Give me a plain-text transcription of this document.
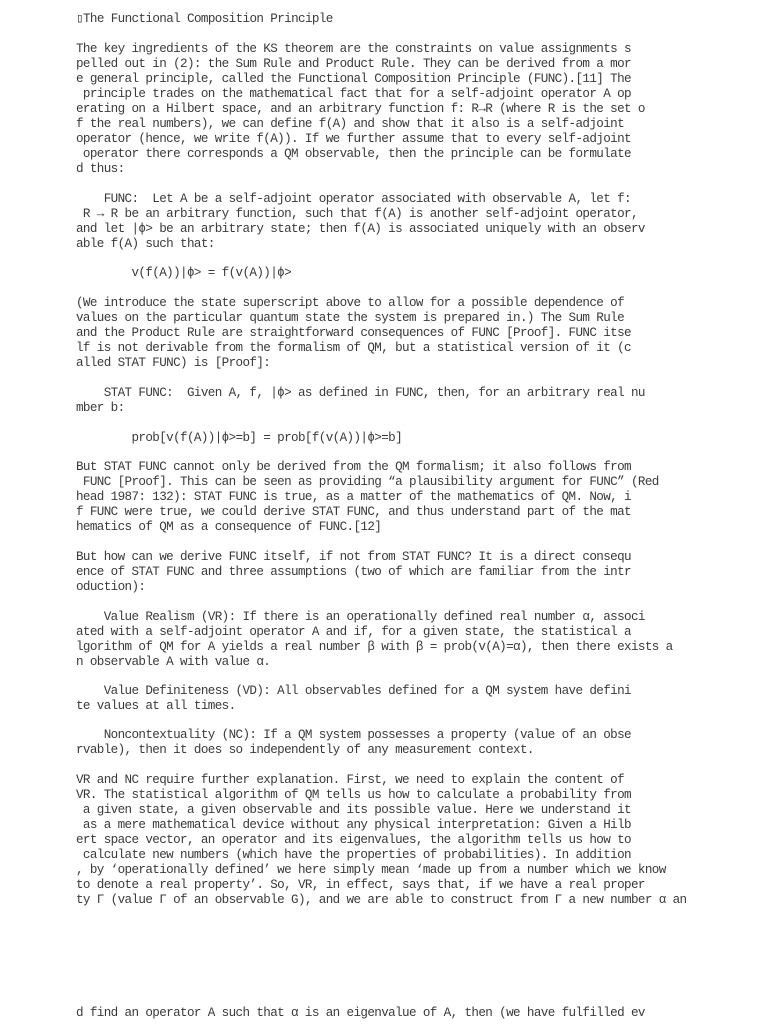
▯The Functional Composition Principle
The key ingredients of the KS theorem are the constraints on value assignments s
pelled out in (2): the Sum Rule and Product Rule. They can be derived from a mor
e general principle, called the Functional Composition Principle (FUNC).[11] The
principle trades on the mathematical fact that for a self-adjoint operator A op
erating on a Hilbert space, and an arbitrary function f: R→R (where R is the set o
f the real numbers), we can define f(A) and show that it also is a self-adjoint
operator (hence, we write f(A)). If we further assume that to every self-adjoint
operator there corresponds a QM observable, then the principle can be formulate
d thus:
FUNC:  Let A be a self-adjoint operator associated with observable A, let f:
R → R be an arbitrary function, such that f(A) is another self-adjoint operator,
and let |ϕ> be an arbitrary state; then f(A) is associated uniquely with an observ
able f(A) such that:
v(f(A))|ϕ> = f(v(A))|ϕ>
(We introduce the state superscript above to allow for a possible dependence of
values on the particular quantum state the system is prepared in.) The Sum Rule
and the Product Rule are straightforward consequences of FUNC [Proof]. FUNC itse
lf is not derivable from the formalism of QM, but a statistical version of it (c
alled STAT FUNC) is [Proof]:
STAT FUNC:  Given A, f, |ϕ> as defined in FUNC, then, for an arbitrary real nu
mber b:
prob[v(f(A))|ϕ>=b] = prob[f(v(A))|ϕ>=b]
But STAT FUNC cannot only be derived from the QM formalism; it also follows from
FUNC [Proof]. This can be seen as providing “a plausibility argument for FUNC” (Red
head 1987: 132): STAT FUNC is true, as a matter of the mathematics of QM. Now, i
f FUNC were true, we could derive STAT FUNC, and thus understand part of the mat
hematics of QM as a consequence of FUNC.[12]
But how can we derive FUNC itself, if not from STAT FUNC? It is a direct consequ
ence of STAT FUNC and three assumptions (two of which are familiar from the intr
oduction):
Value Realism (VR): If there is an operationally defined real number α, associ
ated with a self-adjoint operator A and if, for a given state, the statistical a
lgorithm of QM for A yields a real number β with β = prob(v(A)=α), then there exists a
n observable A with value α.
Value Definiteness (VD): All observables defined for a QM system have defini
te values at all times.
Noncontextuality (NC): If a QM system possesses a property (value of an obse
rvable), then it does so independently of any measurement context.
VR and NC require further explanation. First, we need to explain the content of
VR. The statistical algorithm of QM tells us how to calculate a probability from
a given state, a given observable and its possible value. Here we understand it
as a mere mathematical device without any physical interpretation: Given a Hilb
ert space vector, an operator and its eigenvalues, the algorithm tells us how to
calculate new numbers (which have the properties of probabilities). In addition
, by ‘operationally defined’ we here simply mean ‘made up from a number which we know
to denote a real property’. So, VR, in effect, says that, if we have a real proper
ty Γ (value Γ of an observable G), and we are able to construct from Γ a new number α an
d find an operator A such that α is an eigenvalue of A, then (we have fulfilled ev
